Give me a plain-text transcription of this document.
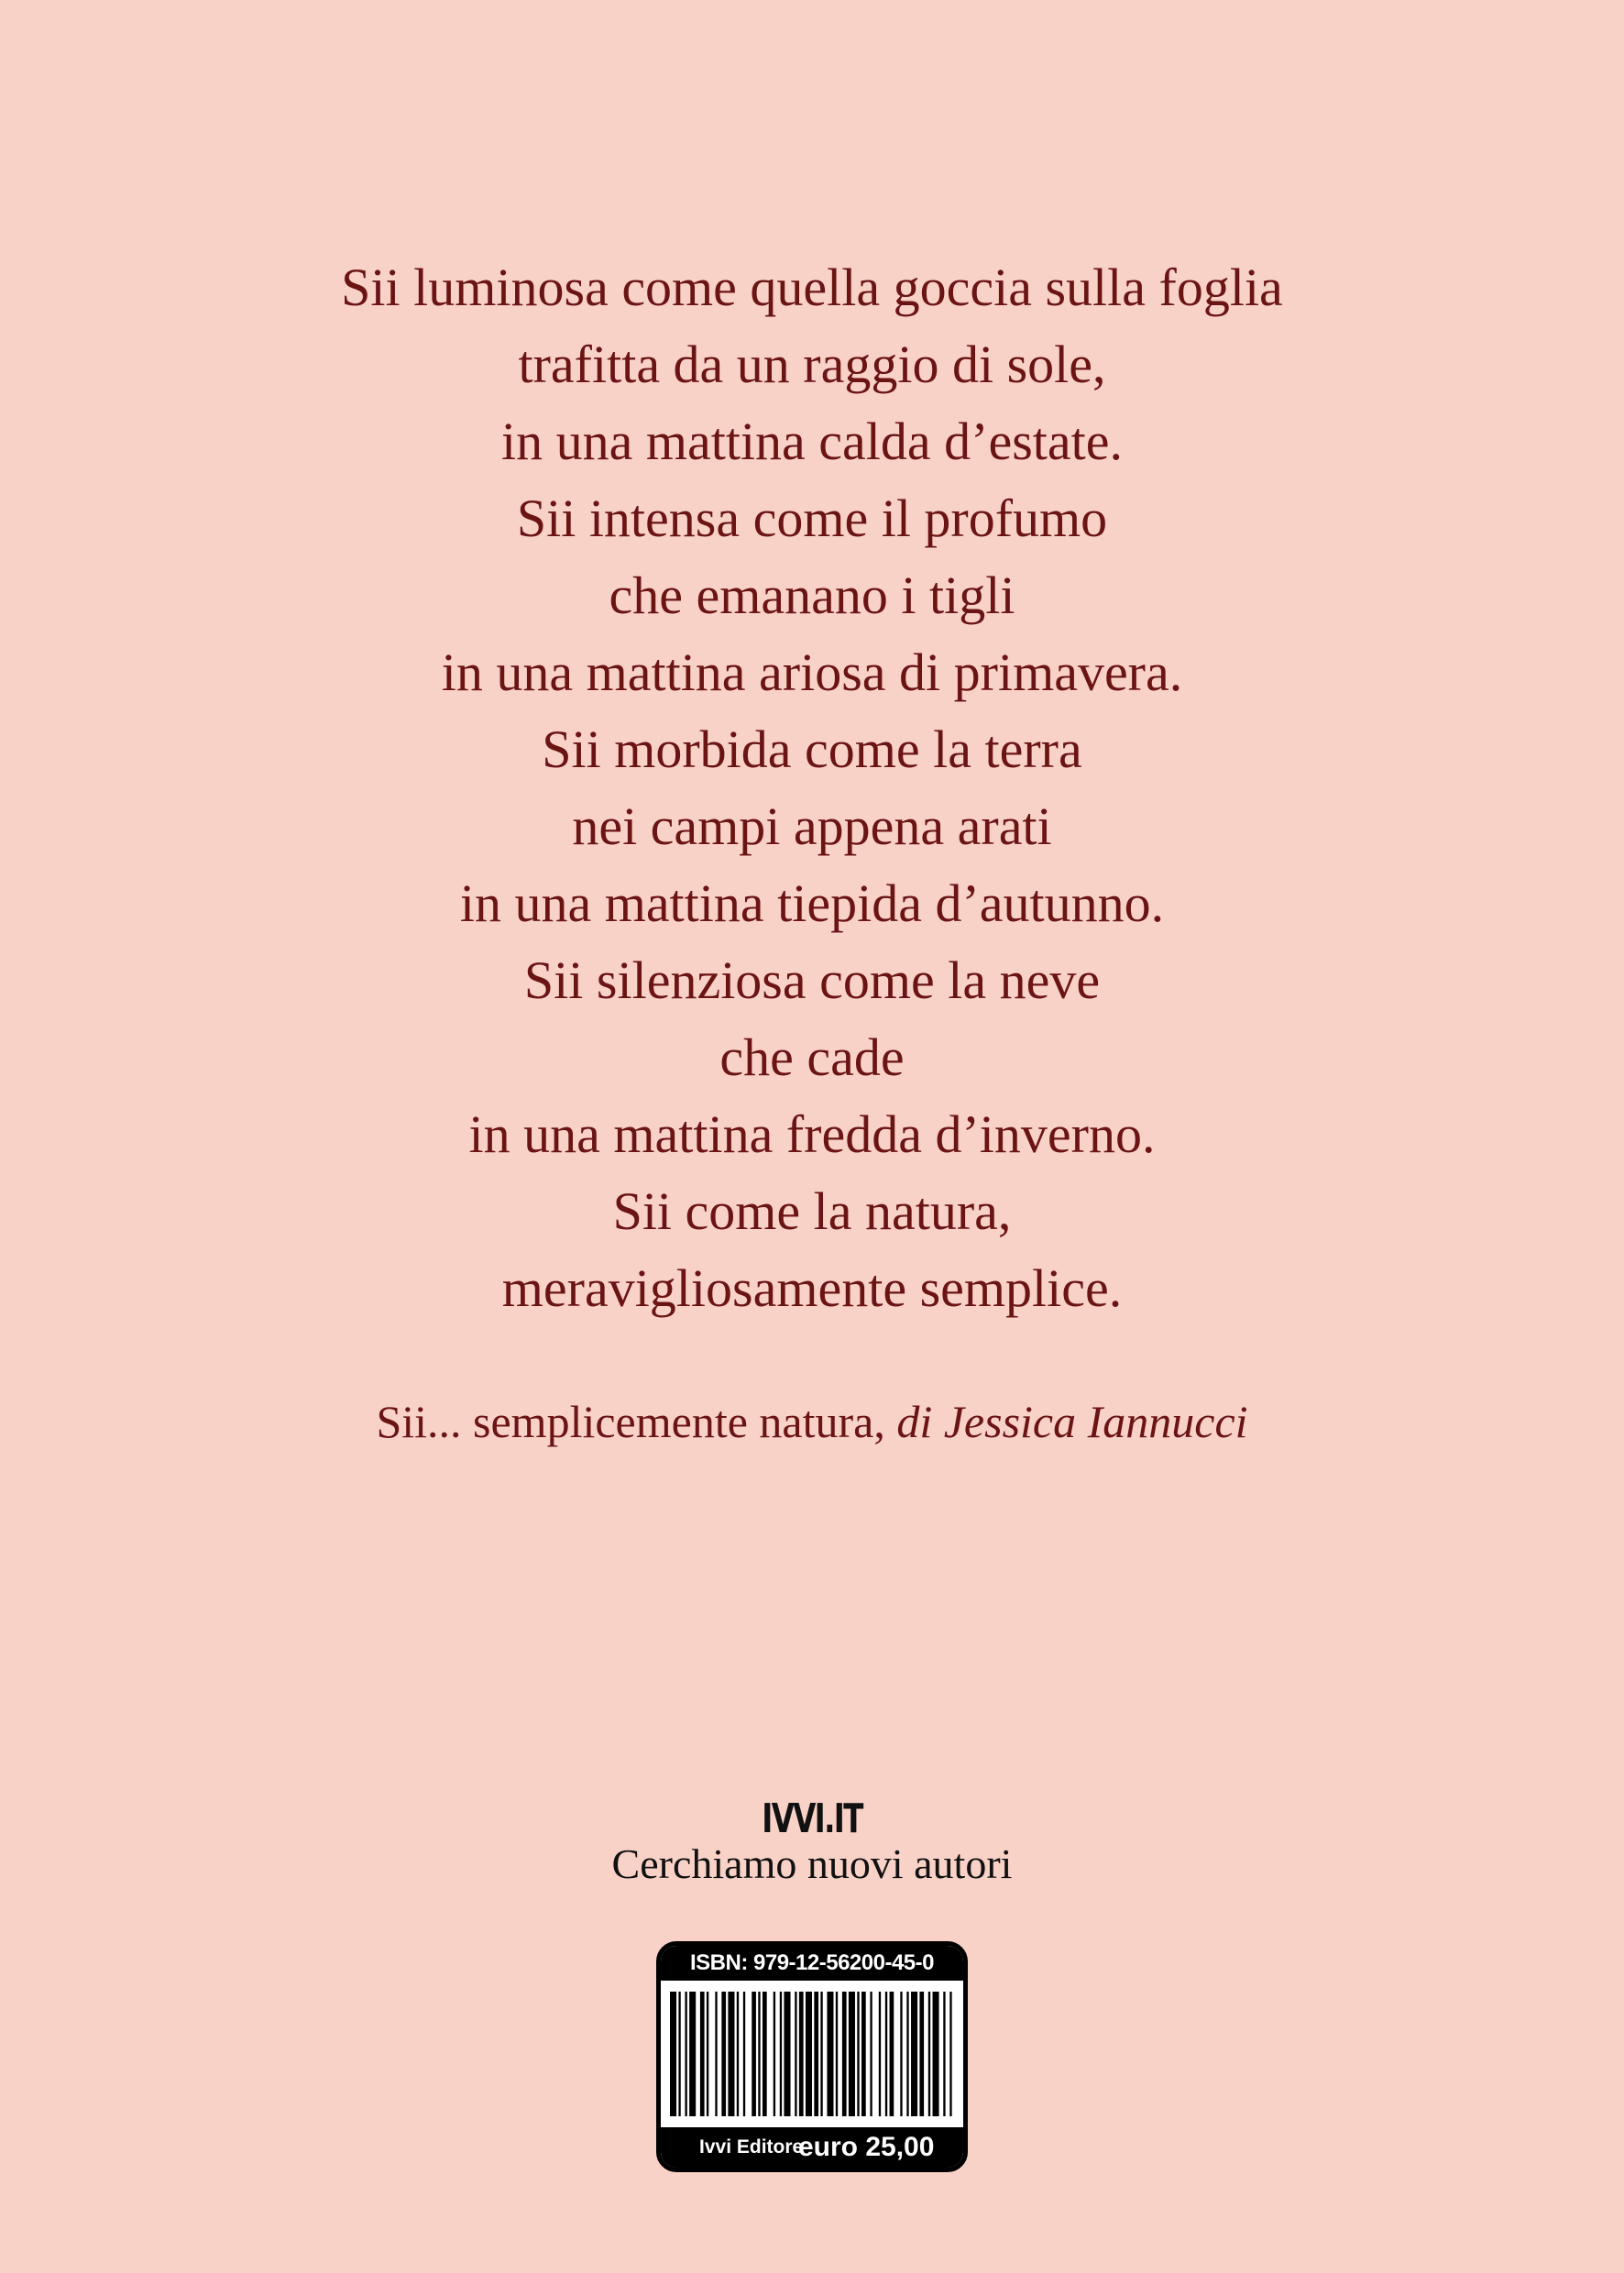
Sii luminosa come quella goccia sulla foglia
trafitta da un raggio di sole,
in una mattina calda d’estate.
Sii intensa come il profumo
che emanano i tigli
in una mattina ariosa di primavera.
Sii morbida come la terra
nei campi appena arati
in una mattina tiepida d’autunno.
Sii silenziosa come la neve
che cade
in una mattina fredda d’inverno.
Sii come la natura,
meravigliosamente semplice.
Sii... semplicemente natura, di Jessica Iannucci
IVVI.IT
Cerchiamo nuovi autori
ISBN: 979-12-56200-45-0
Ivvi Editore
euro 25,00
